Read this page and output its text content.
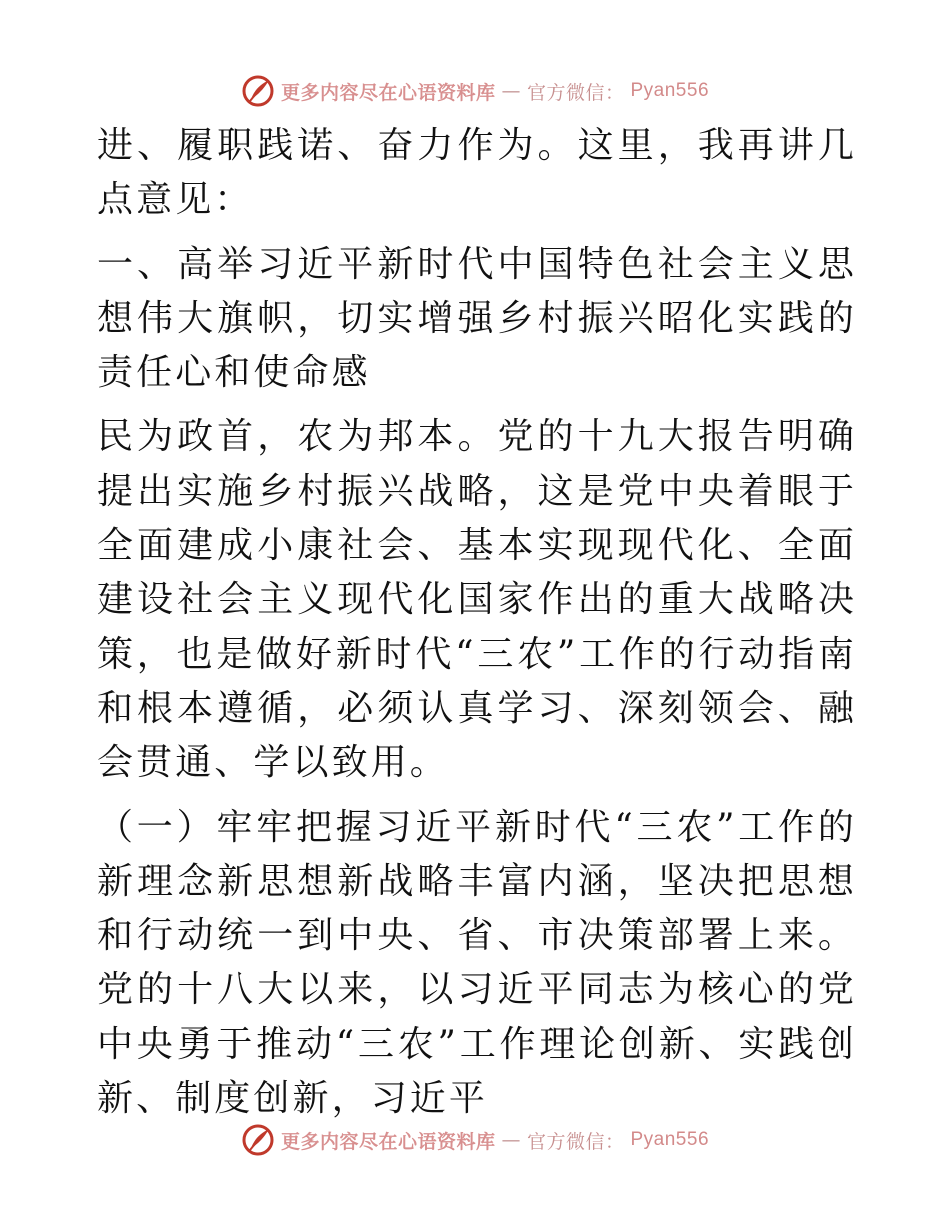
更多内容尽在心语资料库 — 官方微信： Pyan556

进、履职践诺、奋力作为。这里，我再讲几点意见：

一、高举习近平新时代中国特色社会主义思想伟大旗帜，切实增强乡村振兴昭化实践的责任心和使命感

民为政首，农为邦本。党的十九大报告明确提出实施乡村振兴战略，这是党中央着眼于全面建成小康社会、基本实现现代化、全面建设社会主义现代化国家作出的重大战略决策，也是做好新时代“三农”工作的行动指南和根本遵循，必须认真学习、深刻领会、融会贯通、学以致用。

（一）牢牢把握习近平新时代“三农”工作的新理念新思想新战略丰富内涵，坚决把思想和行动统一到中央、省、市决策部署上来。党的十八大以来，以习近平同志为核心的党中央勇于推动“三农”工作理论创新、实践创新、制度创新，习近平

更多内容尽在心语资料库 — 官方微信： Pyan556
